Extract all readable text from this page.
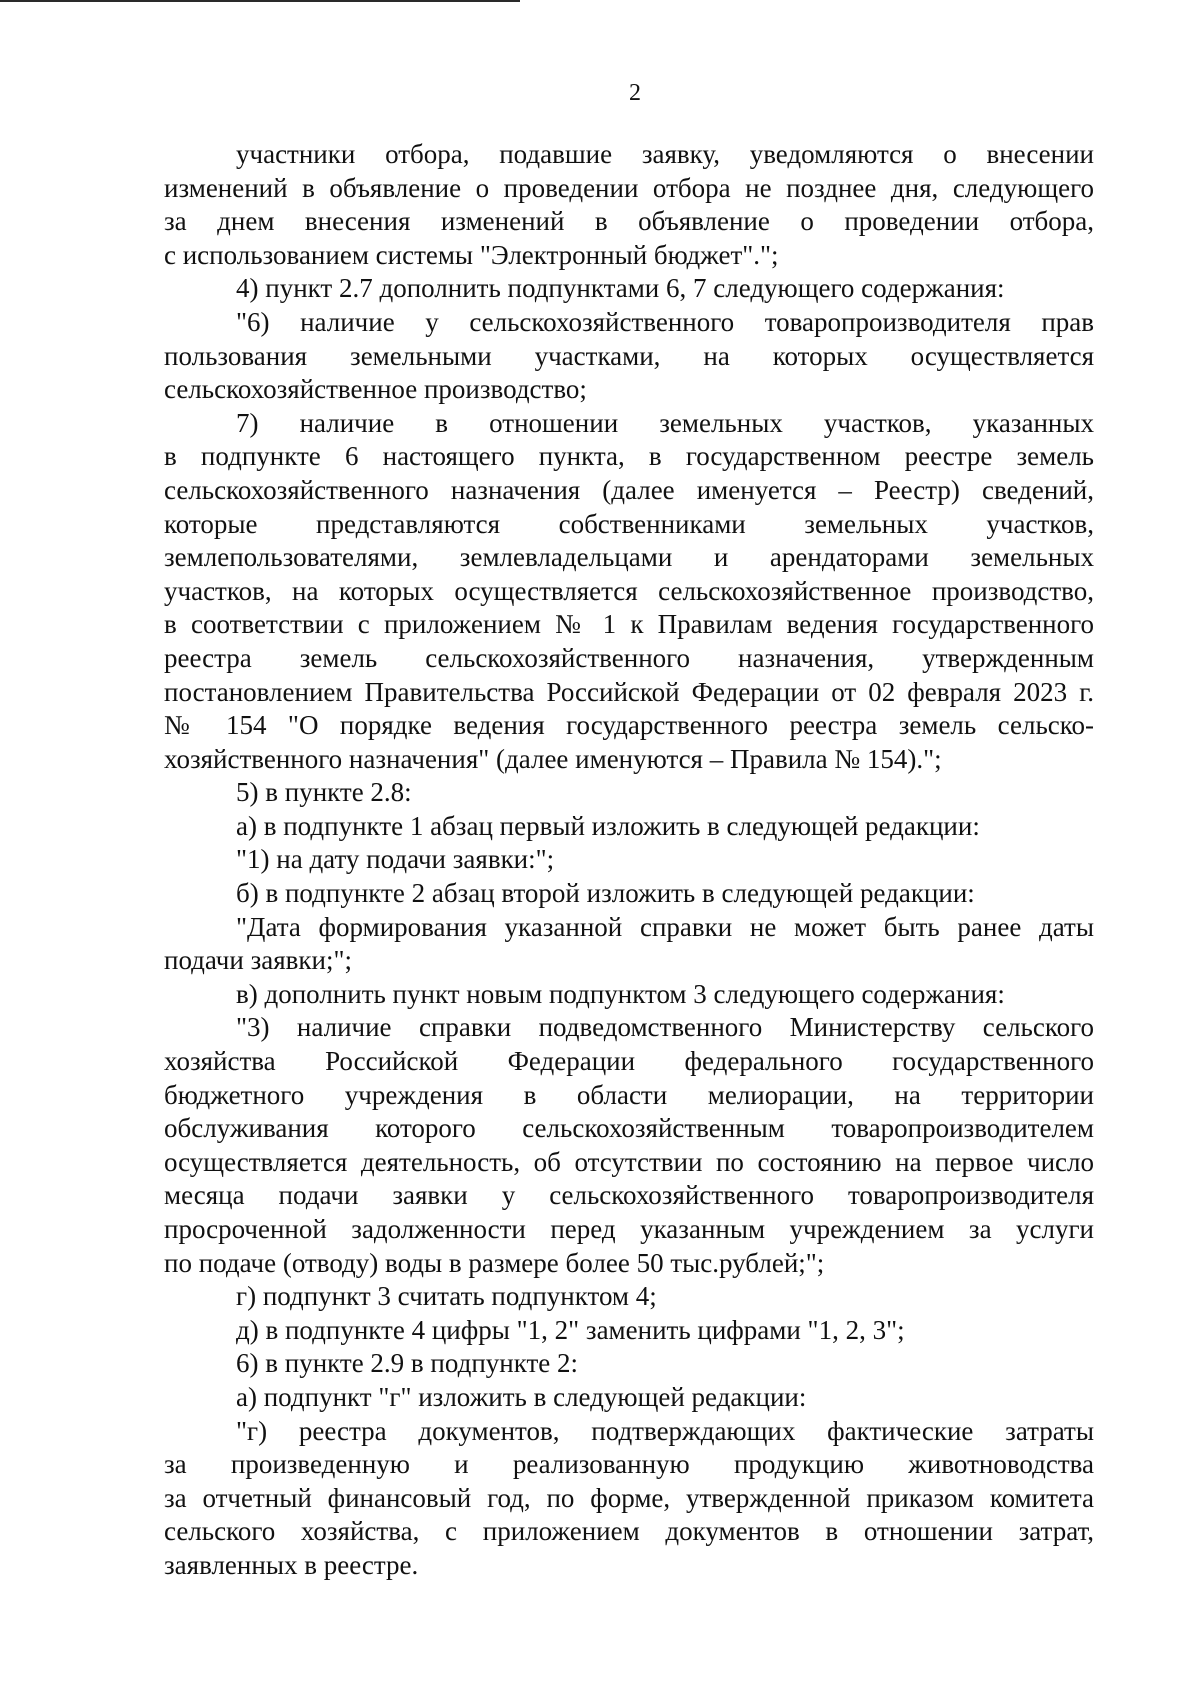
2

участники отбора, подавшие заявку, уведомляются о внесении

изменений в объявление о проведении отбора не позднее дня, следующего

за днем внесения изменений в объявление о проведении отбора,

с использованием системы "Электронный бюджет".";

4) пункт 2.7 дополнить подпунктами 6, 7 следующего содержания:

"6) наличие у сельскохозяйственного товаропроизводителя прав

пользования земельными участками, на которых осуществляется

сельскохозяйственное производство;

7) наличие в отношении земельных участков, указанных

в подпункте 6 настоящего пункта, в государственном реестре земель

сельскохозяйственного назначения (далее именуется – Реестр) сведений,

которые представляются собственниками земельных участков,

землепользователями, землевладельцами и арендаторами земельных

участков, на которых осуществляется сельскохозяйственное производство,

в соответствии с приложением № 1 к Правилам ведения государственного

реестра земель сельскохозяйственного назначения, утвержденным

постановлением Правительства Российской Федерации от 02 февраля 2023 г.

№ 154 "О порядке ведения государственного реестра земель сельско-

хозяйственного назначения" (далее именуются – Правила № 154).";

5) в пункте 2.8:

а) в подпункте 1 абзац первый изложить в следующей редакции:

"1) на дату подачи заявки:";

б) в подпункте 2 абзац второй изложить в следующей редакции:

"Дата формирования указанной справки не может быть ранее даты

подачи заявки;";

в) дополнить пункт новым подпунктом 3 следующего содержания:

"3) наличие справки подведомственного Министерству сельского

хозяйства Российской Федерации федерального государственного

бюджетного учреждения в области мелиорации, на территории

обслуживания которого сельскохозяйственным товаропроизводителем

осуществляется деятельность, об отсутствии по состоянию на первое число

месяца подачи заявки у сельскохозяйственного товаропроизводителя

просроченной задолженности перед указанным учреждением за услуги

по подаче (отводу) воды в размере более 50 тыс.рублей;";

г) подпункт 3 считать подпунктом 4;

д) в подпункте 4 цифры "1, 2" заменить цифрами "1, 2, 3";

6) в пункте 2.9 в подпункте 2:

а) подпункт "г" изложить в следующей редакции:

"г) реестра документов, подтверждающих фактические затраты

за произведенную и реализованную продукцию животноводства

за отчетный финансовый год, по форме, утвержденной приказом комитета

сельского хозяйства, с приложением документов в отношении затрат,

заявленных в реестре.
